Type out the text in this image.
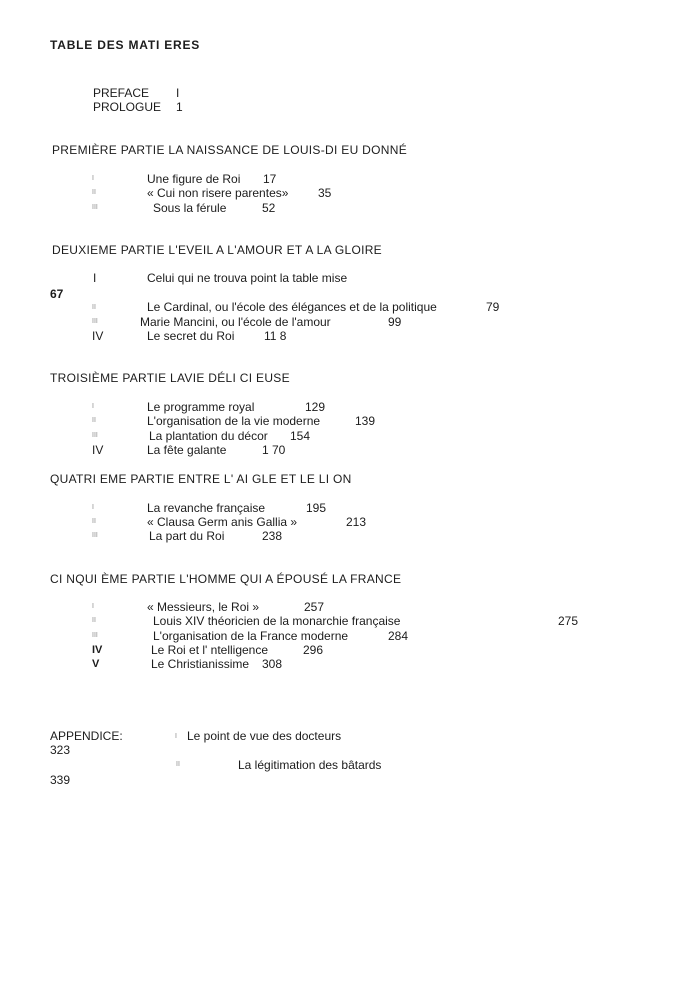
TABLE DES MATI ERES
PREFACE I
PROLOGUE 1
PREMIÈRE PARTIE LA NAISSANCE DE LOUIS-DI EU DONNÉ
I	Une figure de Roi 17
II	« Cui non risere parentes» 35
III	Sous la férule	52
DEUXIEME PARTIE L'EVEIL A L'AMOUR ET A LA GLOIRE
I	Celui qui ne trouva point la table mise
67
II	Le Cardinal, ou l'école des élégances et de la politique	79
III	Marie Mancini, ou l'école de l'amour	99
IV	Le secret du Roi 11 8
TROISIÈME PARTIE LAVIE DÉLI CI EUSE
I	Le programme royal	129
II	L'organisation de la vie moderne	139
III	La plantation du décor 154
IV	La fête galante	1 70
QUATRI EME PARTIE ENTRE L' AI GLE ET LE LI ON
I	La revanche française	195
II	« Clausa Germ anis Gallia »	213
III	La part du Roi	238
CI NQUI ÈME PARTIE L'HOMME QUI A ÉPOUSÉ LA FRANCE
I	« Messieurs, le Roi »	257
II	Louis XIV théoricien de la monarchie française	275
III	L'organisation de la France moderne	284
IV	Le Roi et l' ntelligence	296
V	Le Christianissime 308
APPENDICE:	I Le point de vue des docteurs
323
II	La légitimation des bâtards
339
